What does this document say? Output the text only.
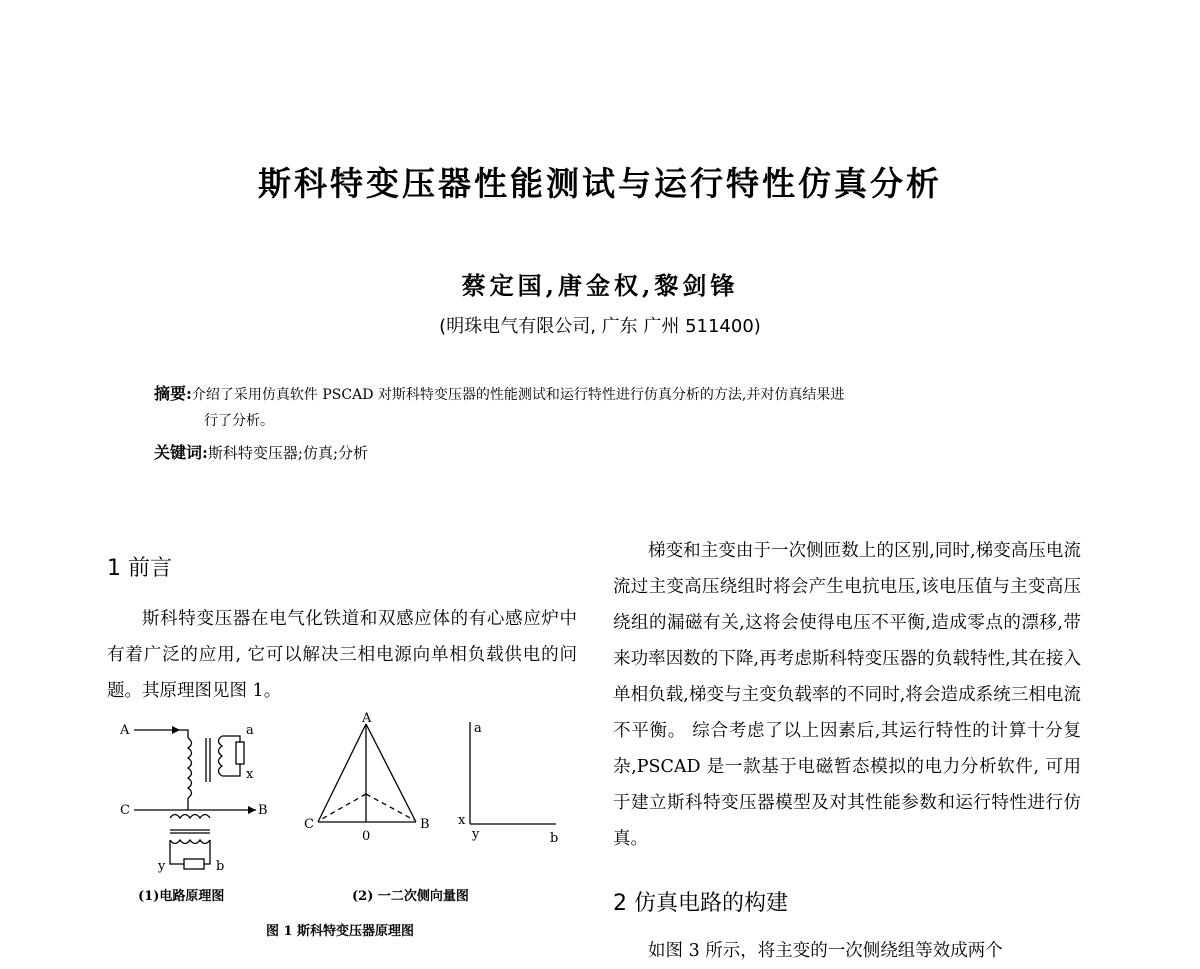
斯科特变压器性能测试与运行特性仿真分析
蔡定国,唐金权,黎剑锋
(明珠电气有限公司, 广东 广州 511400)
摘要:介绍了采用仿真软件 PSCAD 对斯科特变压器的性能测试和运行特性进行仿真分析的方法,并对仿真结果进
行了分析。
关键词:斯科特变压器;仿真;分析
1 前言
斯科特变压器在电气化铁道和双感应体的有心感应炉中有着广泛的应用, 它可以解决三相电源向单相负载供电的问题。其原理图见图 1。
A	a
x
C	B
y	b
A
C	B
0
a
x
y	b
(1)电路原理图	(2) 一二次侧向量图
图 1 斯科特变压器原理图
梯变和主变由于一次侧匝数上的区别,同时,梯变高压电流流过主变高压绕组时将会产生电抗电压,该电压值与主变高压绕组的漏磁有关,这将会使得电压不平衡,造成零点的漂移,带来功率因数的下降,再考虑斯科特变压器的负载特性,其在接入单相负载,梯变与主变负载率的不同时,将会造成系统三相电流不平衡。 综合考虑了以上因素后,其运行特性的计算十分复杂,PSCAD 是一款基于电磁暂态模拟的电力分析软件, 可用于建立斯科特变压器模型及对其性能参数和运行特性进行仿真。
2 仿真电路的构建
如图 3 所示，将主变的一次侧绕组等效成两个
